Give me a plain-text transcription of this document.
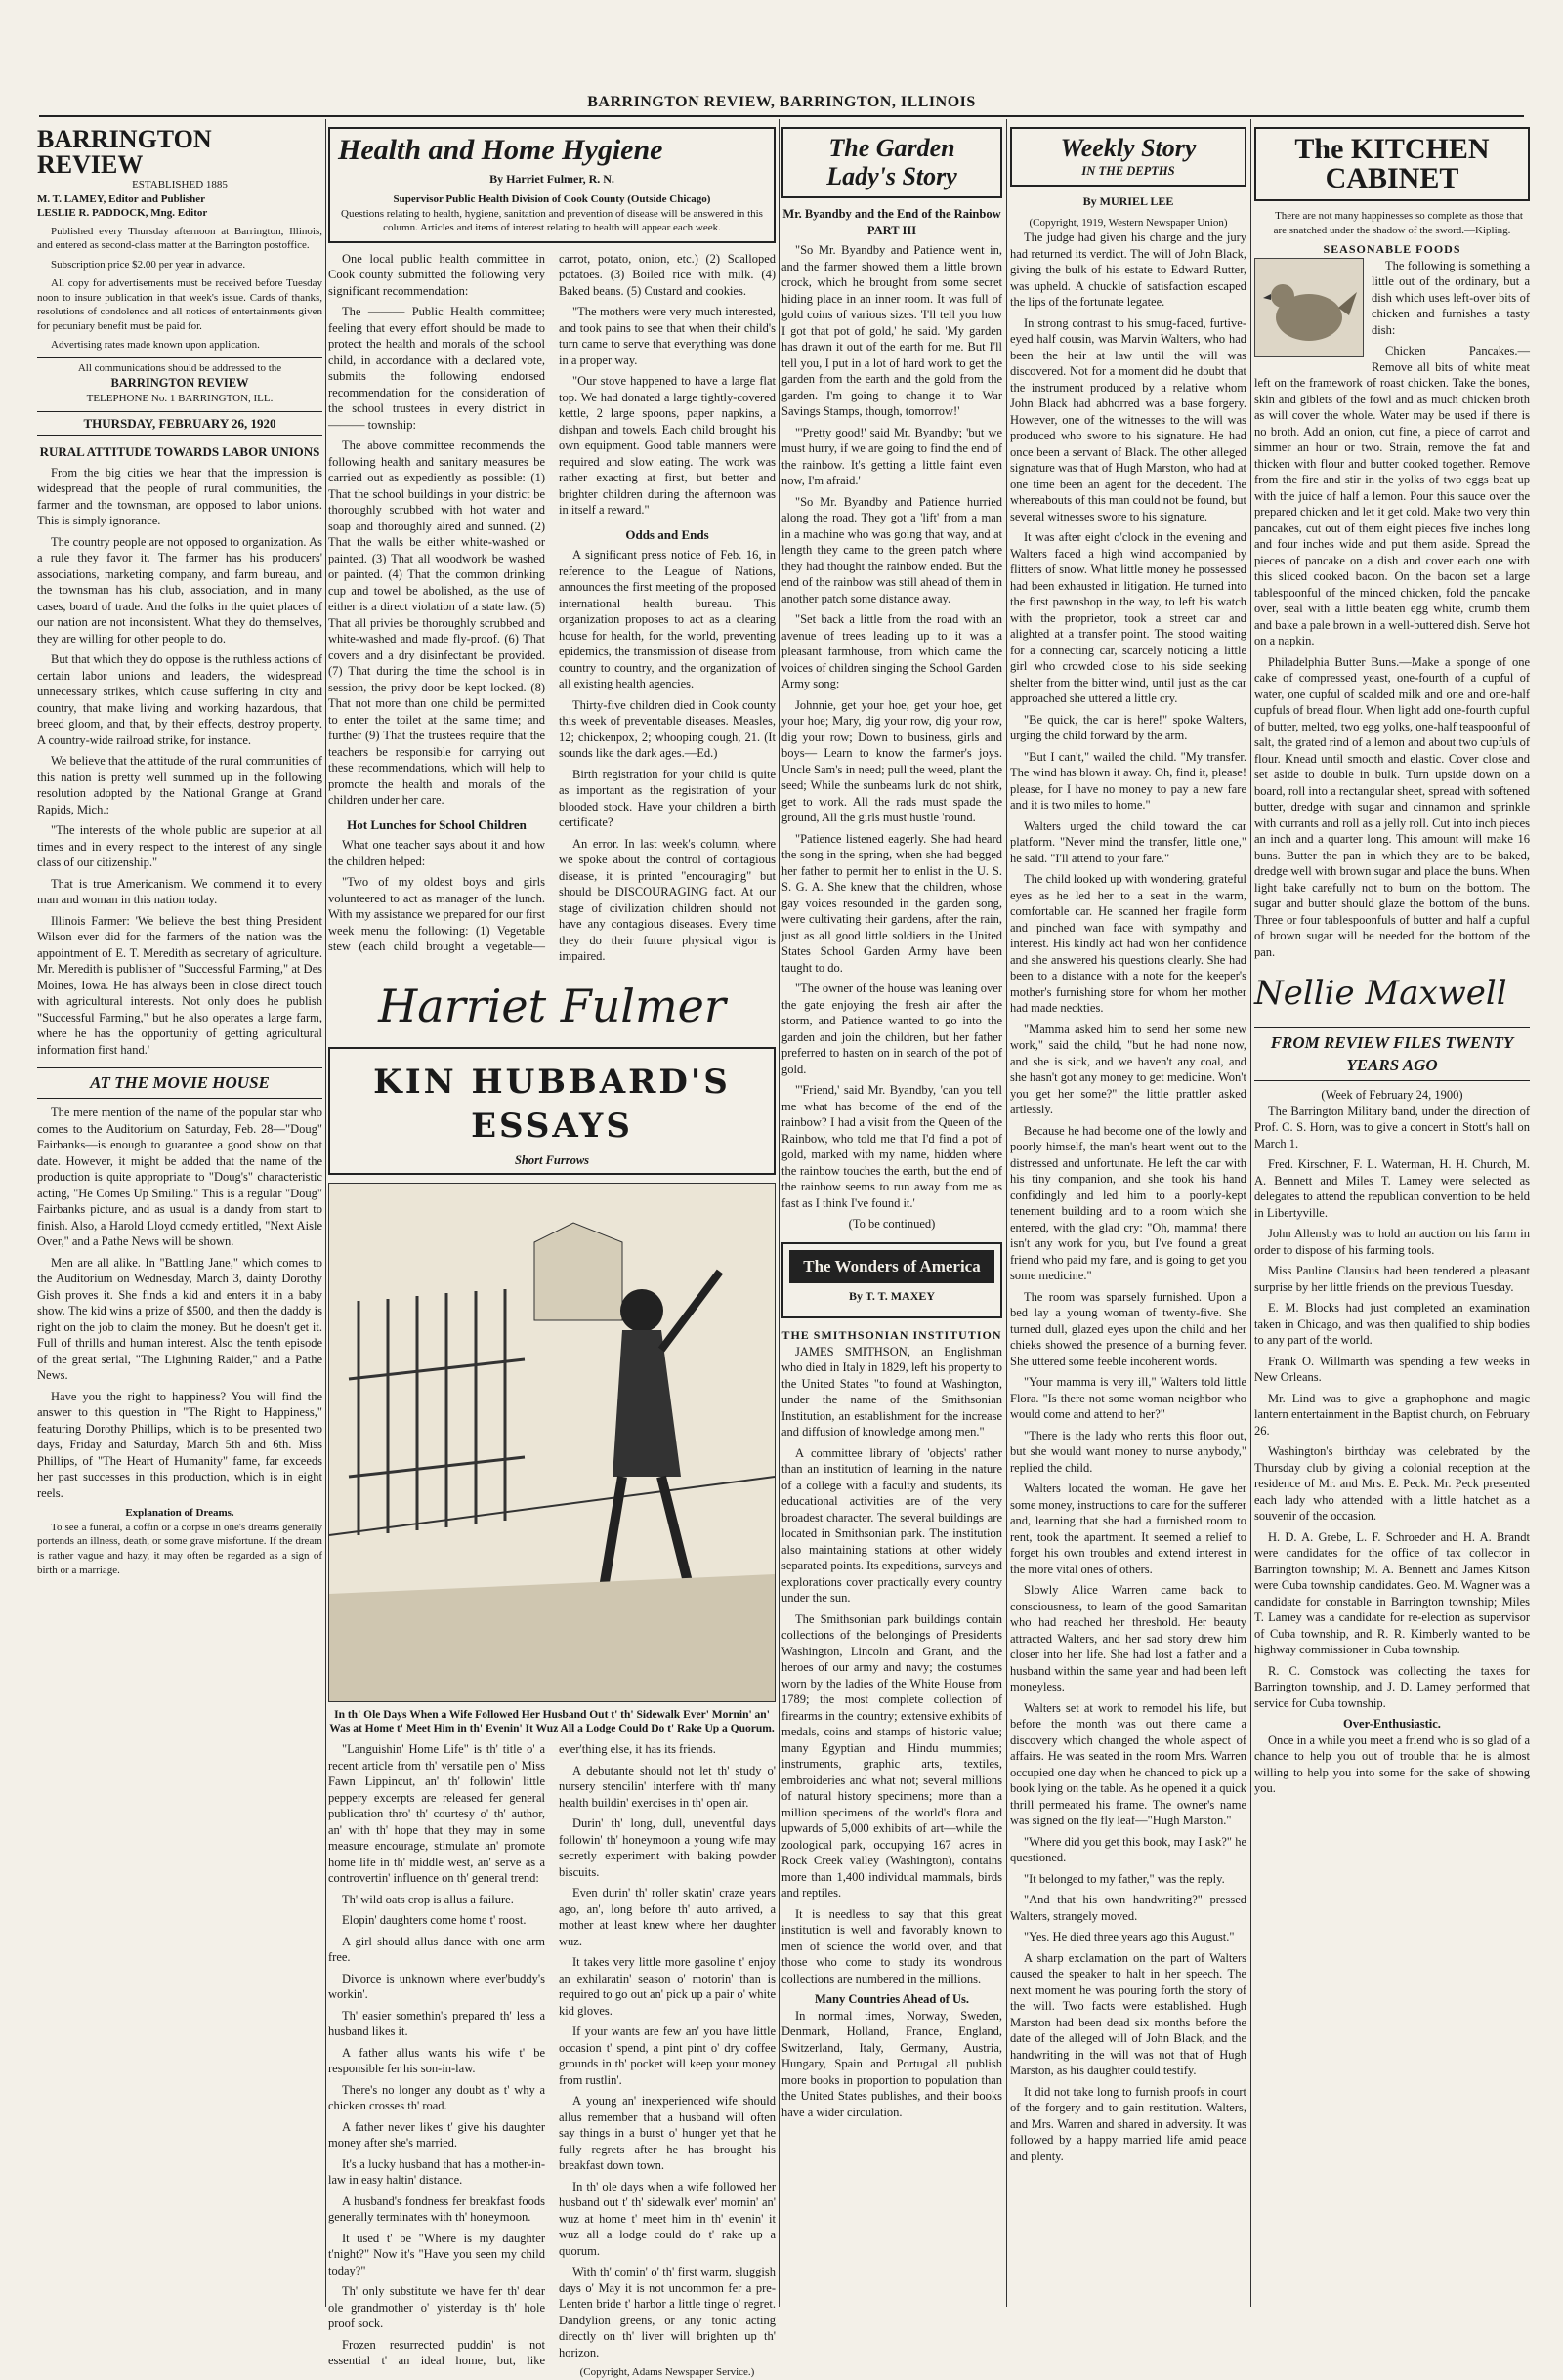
BARRINGTON REVIEW, BARRINGTON, ILLINOIS
BARRINGTON REVIEW
ESTABLISHED 1885
M. T. LAMEY, Editor and Publisher
LESLIE R. PADDOCK, Mng. Editor

Published every Thursday afternoon at Barrington, Illinois, and entered as second-class matter at the Barrington postoffice.

Subscription price $2.00 per year in advance.

All copy for advertisements must be received before Tuesday noon to insure publication in that week's issue. Cards of thanks, resolutions of condolence and all notices of entertainments given for pecuniary benefit must be paid for.

Advertising rates made known upon application.

All communications should be addressed to the
BARRINGTON REVIEW
TELEPHONE No. 1 BARRINGTON, ILL.
THURSDAY, FEBRUARY 26, 1920
RURAL ATTITUDE TOWARDS LABOR UNIONS

From the big cities we hear that the impression is widespread that the people of rural communities, the farmer and the townsman, are opposed to labor unions. This is simply ignorance.

The country people are not opposed to organization. As a rule they favor it. The farmer has his producers' associations, marketing company, and farm bureau, and the townsman has his club, association, and in many cases, board of trade. And the folks in the quiet places of our nation are not inconsistent. What they do themselves, they are willing for other people to do.

But that which they do oppose is the ruthless actions of certain labor unions and leaders, the widespread unnecessary strikes, which cause suffering in city and country, that make living and working hazardous, that breed gloom, and that, by their effects, destroy property. A country-wide railroad strike, for instance.

We believe that the attitude of the rural communities of this nation is pretty well summed up in the following resolution adopted by the National Grange at Grand Rapids, Mich.:

"The interests of the whole public are superior at all times and in every respect to the interest of any single class of our citizenship."

That is true Americanism. We commend it to every man and woman in this nation today.

Illinois Farmer: 'We believe the best thing President Wilson ever did for the farmers of the nation was the appointment of E. T. Meredith as secretary of agriculture. Mr. Meredith is publisher of "Successful Farming," at Des Moines, Iowa. He has always been in close direct touch with agricultural interests. Not only does he publish "Successful Farming," but he also operates a large farm, where he has the opportunity of getting agricultural information first hand.'

AT THE MOVIE HOUSE

The mere mention of the name of the popular star who comes to the Auditorium on Saturday, Feb. 28—"Doug" Fairbanks—is enough to guarantee a good show on that date. However, it might be added that the name of the production is quite appropriate to "Doug's" characteristic acting, "He Comes Up Smiling." This is a regular "Doug" Fairbanks picture, and as usual is a dandy from start to finish. Also, a Harold Lloyd comedy entitled, "Next Aisle Over," and a Pathe News will be shown.

Men are all alike. In "Battling Jane," which comes to the Auditorium on Wednesday, March 3, dainty Dorothy Gish proves it. She finds a kid and enters it in a baby show. The kid wins a prize of $500, and then the daddy is right on the job to claim the money. But he doesn't get it. Full of thrills and human interest. Also the tenth episode of the great serial, "The Lightning Raider," and a Pathe News.

Have you the right to happiness? You will find the answer to this question in "The Right to Happiness," featuring Dorothy Phillips, which is to be presented two days, Friday and Saturday, March 5th and 6th. Miss Phillips, of "The Heart of Humanity" fame, far exceeds her past successes in this production, which is in eight reels.

Explanation of Dreams.

To see a funeral, a coffin or a corpse in one's dreams generally portends an illness, death, or some grave misfortune. If the dream is rather vague and hazy, it may often be regarded as a sign of birth or a marriage.

Health and Home Hygiene
By Harriet Fulmer, R. N.
Supervisor Public Health Division of Cook County (Outside Chicago)
Questions relating to health, hygiene, sanitation and prevention of disease will be answered in this column. Articles and items of interest relating to health will appear each week.

One local public health committee in Cook county submitted the following very significant recommendation:

The ——— Public Health committee; feeling that every effort should be made to protect the health and morals of the school child, in accordance with a declared vote, submits the following endorsed recommendation for the consideration of the school trustees in every district in ——— township:

The above committee recommends the following health and sanitary measures be carried out as expediently as possible: (1) That the school buildings in your district be thoroughly scrubbed with hot water and soap and thoroughly aired and sunned. (2) That the walls be either white-washed or painted. (3) That all woodwork be washed or painted. (4) That the common drinking cup and towel be abolished, as the use of either is a direct violation of a state law. (5) That all privies be thoroughly scrubbed and white-washed and made fly-proof. (6) That covers and a dry disinfectant be provided. (7) That during the time the school is in session, the privy door be kept locked. (8) That not more than one child be permitted to enter the toilet at the same time; and further (9) That the trustees require that the teachers be responsible for carrying out these recommendations, which will help to promote the health and morals of the children under her care.

Hot Lunches for School Children

What one teacher says about it and how the children helped:

"Two of my oldest boys and girls volunteered to act as manager of the lunch. With my assistance we prepared for our first week menu the following: (1) Vegetable stew (each child brought a vegetable—carrot, potato, onion, etc.) (2) Scalloped potatoes. (3) Boiled rice with milk. (4) Baked beans. (5) Custard and cookies.

"The mothers were very much interested, and took pains to see that when their child's turn came to serve that everything was done in a proper way.

"Our stove happened to have a large flat top. We had donated a large tightly-covered kettle, 2 large spoons, paper napkins, a dishpan and towels. Each child brought his own equipment. Good table manners were required and slow eating. The work was rather exacting at first, but better and brighter children during the afternoon was in itself a reward."

Odds and Ends

A significant press notice of Feb. 16, in reference to the League of Nations, announces the first meeting of the proposed international health bureau. This organization proposes to act as a clearing house for health, for the world, preventing epidemics, the transmission of disease from country to country, and the organization of all existing health agencies.

Thirty-five children died in Cook county this week of preventable diseases. Measles, 12; chickenpox, 2; whooping cough, 21. (It sounds like the dark ages.—Ed.)

Birth registration for your child is quite as important as the registration of your blooded stock. Have your children a birth certificate?

An error. In last week's column, where we spoke about the control of contagious disease, it is printed "encouraging" but should be DISCOURAGING fact. At our stage of civilization children should not have any contagious diseases. Every time they do their future physical vigor is impaired.

Harriet Fulmer
KIN HUBBARD'S ESSAYS
Short Furrows
In th' Ole Days When a Wife Followed Her Husband Out t' th' Sidewalk Ever' Mornin' an' Was at Home t' Meet Him in th' Evenin' It Wuz All a Lodge Could Do t' Rake Up a Quorum.

"Languishin' Home Life" is th' title o' a recent article from th' versatile pen o' Miss Fawn Lippincut, an' th' followin' little peppery excerpts are released fer general publication thro' th' courtesy o' th' author, an' with th' hope that they may in some measure encourage, stimulate an' promote home life in th' middle west, an' serve as a controvertin' influence on th' general trend:

Th' wild oats crop is allus a failure.

Elopin' daughters come home t' roost.

A girl should allus dance with one arm free.

Divorce is unknown where ever'buddy's workin'.

Th' easier somethin's prepared th' less a husband likes it.

A father allus wants his wife t' be responsible fer his son-in-law.

There's no longer any doubt as t' why a chicken crosses th' road.

A father never likes t' give his daughter money after she's married.

It's a lucky husband that has a mother-in-law in easy haltin' distance.

A husband's fondness fer breakfast foods generally terminates with th' honeymoon.

It used t' be "Where is my daughter t'night?" Now it's "Have you seen my child today?"

Th' only substitute we have fer th' dear ole grandmother o' yisterday is th' hole proof sock.

Frozen resurrected puddin' is not essential t' an ideal home, but, like ever'thing else, it has its friends.

A debutante should not let th' study o' nursery stencilin' interfere with th' many health buildin' exercises in th' open air.

Durin' th' long, dull, uneventful days followin' th' honeymoon a young wife may secretly experiment with baking powder biscuits.

Even durin' th' roller skatin' craze years ago, an', long before th' auto arrived, a mother at least knew where her daughter wuz.

It takes very little more gasoline t' enjoy an exhilaratin' season o' motorin' than is required to go out an' pick up a pair o' white kid gloves.

If your wants are few an' you have little occasion t' spend, a pint pint o' dry coffee grounds in th' pocket will keep your money from rustlin'.

A young an' inexperienced wife should allus remember that a husband will often say things in a burst o' hunger yet that he fully regrets after he has brought his breakfast down town.

In th' ole days when a wife followed her husband out t' th' sidewalk ever' mornin' an' wuz at home t' meet him in th' evenin' it wuz all a lodge could do t' rake up a quorum.

With th' comin' o' th' first warm, sluggish days o' May it is not uncommon fer a pre-Lenten bride t' harbor a little tinge o' regret. Dandylion greens, or any tonic acting directly on th' liver will brighten up th' horizon.

(Copyright, Adams Newspaper Service.)
The Garden Lady's Story
Mr. Byandby and the End of the Rainbow
PART III

"So Mr. Byandby and Patience went in, and the farmer showed them a little brown crock, which he brought from some secret hiding place in an inner room. It was full of gold coins of various sizes. 'I'll tell you how I got that pot of gold,' he said. 'My garden has drawn it out of the earth for me. But I'll tell you, I put in a lot of hard work to get the garden from the earth and the gold from the garden. I'm going to change it to War Savings Stamps, though, tomorrow!'

"'Pretty good!' said Mr. Byandby; 'but we must hurry, if we are going to find the end of the rainbow. It's getting a little faint even now, I'm afraid.'

"So Mr. Byandby and Patience hurried along the road. They got a 'lift' from a man in a machine who was going that way, and at length they came to the green patch where they had thought the rainbow ended. But the end of the rainbow was still ahead of them in another patch some distance away.

"Set back a little from the road with an avenue of trees leading up to it was a pleasant farmhouse, from which came the voices of children singing the School Garden Army song:

Johnnie, get your hoe, get your hoe, get your hoe; Mary, dig your row, dig your row, dig your row; Down to business, girls and boys— Learn to know the farmer's joys. Uncle Sam's in need; pull the weed, plant the seed; While the sunbeams lurk do not shirk, get to work. All the rads must spade the ground, All the girls must hustle 'round.

"Patience listened eagerly. She had heard the song in the spring, when she had begged her father to permit her to enlist in the U. S. S. G. A. She knew that the children, whose gay voices resounded in the garden song, were cultivating their gardens, after the rain, just as all good little soldiers in the United States School Garden Army have been taught to do.

"The owner of the house was leaning over the gate enjoying the fresh air after the storm, and Patience wanted to go into the garden and join the children, but her father preferred to hasten on in search of the pot of gold.

"'Friend,' said Mr. Byandby, 'can you tell me what has become of the end of the rainbow? I had a visit from the Queen of the Rainbow, who told me that I'd find a pot of gold, marked with my name, hidden where the rainbow touches the earth, but the end of the rainbow seems to run away from me as fast as I think I've found it.'

(To be continued)
The Wonders of America
By T. T. MAXEY
THE SMITHSONIAN INSTITUTION

JAMES SMITHSON, an Englishman who died in Italy in 1829, left his property to the United States "to found at Washington, under the name of the Smithsonian Institution, an establishment for the increase and diffusion of knowledge among men."

A committee library of 'objects' rather than an institution of learning in the nature of a college with a faculty and students, its educational activities are of the very broadest character. The several buildings are located in Smithsonian park. The institution also maintaining stations at other widely separated points. Its expeditions, surveys and explorations cover practically every country under the sun.

The Smithsonian park buildings contain collections of the belongings of Presidents Washington, Lincoln and Grant, and the heroes of our army and navy; the costumes worn by the ladies of the White House from 1789; the most complete collection of firearms in the country; extensive exhibits of medals, coins and stamps of historic value; many Egyptian and Hindu mummies; instruments, graphic arts, textiles, embroideries and what not; several millions of natural history specimens; more than a million specimens of the world's flora and upwards of 5,000 exhibits of art—while the zoological park, occupying 167 acres in Rock Creek valley (Washington), contains more than 1,400 individual mammals, birds and reptiles.

It is needless to say that this great institution is well and favorably known to men of science the world over, and that those who come to study its wondrous collections are numbered in the millions.

Many Countries Ahead of Us.

In normal times, Norway, Sweden, Denmark, Holland, France, England, Switzerland, Italy, Germany, Austria, Hungary, Spain and Portugal all publish more books in proportion to population than the United States publishes, and their books have a wider circulation.

Weekly Story
IN THE DEPTHS
By MURIEL LEE
(Copyright, 1919, Western Newspaper Union)

The judge had given his charge and the jury had returned its verdict. The will of John Black, giving the bulk of his estate to Edward Rutter, was upheld. A chuckle of satisfaction escaped the lips of the fortunate legatee.

In strong contrast to his smug-faced, furtive-eyed half cousin, was Marvin Walters, who had been the heir at law until the will was discovered. Not for a moment did he doubt that the instrument produced by a relative whom John Black had abhorred was a base forgery. However, one of the witnesses to the will was produced who swore to his signature. He had once been a servant of Black. The other alleged signature was that of Hugh Marston, who had at one time been an agent for the decedent. The whereabouts of this man could not be found, but several witnesses swore to his signature.

It was after eight o'clock in the evening and Walters faced a high wind accompanied by flitters of snow. What little money he possessed had been exhausted in litigation. He turned into the first pawnshop in the way, to left his watch with the proprietor, took a street car and alighted at a transfer point. The stood waiting for a connecting car, scarcely noticing a little girl who crowded close to his side seeking shelter from the bitter wind, until just as the car approached she uttered a little cry.

"Be quick, the car is here!" spoke Walters, urging the child forward by the arm.

"But I can't," wailed the child. "My transfer. The wind has blown it away. Oh, find it, please! please, for I have no money to pay a new fare and it is two miles to home."

Walters urged the child toward the car platform. "Never mind the transfer, little one," he said. "I'll attend to your fare."

The child looked up with wondering, grateful eyes as he led her to a seat in the warm, comfortable car. He scanned her fragile form and pinched wan face with sympathy and interest. His kindly act had won her confidence and she answered his questions clearly. She had been to a distance with a note for the keeper's mother's furnishing store for whom her mother had made neckties.

"Mamma asked him to send her some new work," said the child, "but he had none now, and she is sick, and we haven't any coal, and she hasn't got any money to get medicine. Won't you get her some?" the little prattler asked artlessly.

Because he had become one of the lowly and poorly himself, the man's heart went out to the distressed and unfortunate. He left the car with his tiny companion, and she took his hand confidingly and led him to a poorly-kept tenement building and to a room which she entered, with the glad cry: "Oh, mamma! there isn't any work for you, but I've found a great friend who paid my fare, and is going to get you some medicine."

The room was sparsely furnished. Upon a bed lay a young woman of twenty-five. She turned dull, glazed eyes upon the child and her chieks showed the presence of a burning fever. She uttered some feeble incoherent words.

"Your mamma is very ill," Walters told little Flora. "Is there not some woman neighbor who would come and attend to her?"

"There is the lady who rents this floor out, but she would want money to nurse anybody," replied the child.

Walters located the woman. He gave her some money, instructions to care for the sufferer and, learning that she had a furnished room to rent, took the apartment. It seemed a relief to forget his own troubles and extend interest in the more vital ones of others.

Slowly Alice Warren came back to consciousness, to learn of the good Samaritan who had reached her threshold. Her beauty attracted Walters, and her sad story drew him closer into her life. She had lost a father and a husband within the same year and had been left moneyless.

Walters set at work to remodel his life, but before the month was out there came a discovery which changed the whole aspect of affairs. He was seated in the room Mrs. Warren occupied one day when he chanced to pick up a book lying on the table. As he opened it a quick thrill permeated his frame. The owner's name was signed on the fly leaf—"Hugh Marston."

"Where did you get this book, may I ask?" he questioned.

"It belonged to my father," was the reply.

"And that his own handwriting?" pressed Walters, strangely moved.

"Yes. He died three years ago this August."

A sharp exclamation on the part of Walters caused the speaker to halt in her speech. The next moment he was pouring forth the story of the will. Two facts were established. Hugh Marston had been dead six months before the date of the alleged will of John Black, and the handwriting in the will was not that of Hugh Marston, as his daughter could testify.

It did not take long to furnish proofs in court of the forgery and to gain restitution. Walters, and Mrs. Warren and shared in adversity. It was followed by a happy married life amid peace and plenty.

The KITCHEN CABINET

There are not many happinesses so complete as those that are snatched under the shadow of the sword.—Kipling.

SEASONABLE FOODS

The following is something a little out of the ordinary, but a dish which uses left-over bits of chicken and furnishes a tasty dish:

Chicken Pancakes.—Remove all bits of white meat left on the framework of roast chicken. Take the bones, skin and giblets of the fowl and as much chicken broth as will cover the whole. Water may be used if there is no broth. Add an onion, cut fine, a piece of carrot and simmer an hour or two. Strain, remove the fat and thicken with flour and butter cooked together. Remove from the fire and stir in the yolks of two eggs beat up with the juice of half a lemon. Pour this sauce over the prepared chicken and let it get cold. Make two very thin pancakes, cut out of them eight pieces five inches long and four inches wide and put them aside. Spread the pieces of pancake on a dish and cover each one with this sliced cooked bacon. On the bacon set a large tablespoonful of the minced chicken, fold the pancake over, seal with a little beaten egg white, crumb them and bake a pale brown in a well-buttered dish. Serve hot on a napkin.

Philadelphia Butter Buns.—Make a sponge of one cake of compressed yeast, one-fourth of a cupful of water, one cupful of scalded milk and one and one-half cupfuls of bread flour. When light add one-fourth cupful of butter, melted, two egg yolks, one-half teaspoonful of salt, the grated rind of a lemon and about two cupfuls of flour. Knead until smooth and elastic. Cover close and set aside to double in bulk. Turn upside down on a board, roll into a rectangular sheet, spread with softened butter, dredge with sugar and cinnamon and sprinkle with currants and roll as a jelly roll. Cut into inch pieces an inch and a quarter long. This amount will make 16 buns. Butter the pan in which they are to be baked, dredge well with brown sugar and place the buns. When light bake carefully not to burn on the bottom. The sugar and butter should glaze the bottom of the buns. Three or four tablespoonfuls of butter and half a cupful of brown sugar will be needed for the bottom of the pan.

Nellie Maxwell
FROM REVIEW FILES TWENTY YEARS AGO
(Week of February 24, 1900)

The Barrington Military band, under the direction of Prof. C. S. Horn, was to give a concert in Stott's hall on March 1.

Fred. Kirschner, F. L. Waterman, H. H. Church, M. A. Bennett and Miles T. Lamey were selected as delegates to attend the republican convention to be held in Libertyville.

John Allensby was to hold an auction on his farm in order to dispose of his farming tools.

Miss Pauline Clausius had been tendered a pleasant surprise by her little friends on the previous Tuesday.

E. M. Blocks had just completed an examination taken in Chicago, and was then qualified to ship bodies to any part of the world.

Frank O. Willmarth was spending a few weeks in New Orleans.

Mr. Lind was to give a graphophone and magic lantern entertainment in the Baptist church, on February 26.

Washington's birthday was celebrated by the Thursday club by giving a colonial reception at the residence of Mr. and Mrs. E. Peck. Mr. Peck presented each lady who attended with a little hatchet as a souvenir of the occasion.

H. D. A. Grebe, L. F. Schroeder and H. A. Brandt were candidates for the office of tax collector in Barrington township; M. A. Bennett and James Kitson were Cuba township candidates. Geo. M. Wagner was a candidate for constable in Barrington township; Miles T. Lamey was a candidate for re-election as supervisor of Cuba township, and R. R. Kimberly wanted to be highway commissioner in Cuba township.

R. C. Comstock was collecting the taxes for Barrington township, and J. D. Lamey performed that service for Cuba township.

Over-Enthusiastic.

Once in a while you meet a friend who is so glad of a chance to help you out of trouble that he is almost willing to help you into some for the sake of showing you.
